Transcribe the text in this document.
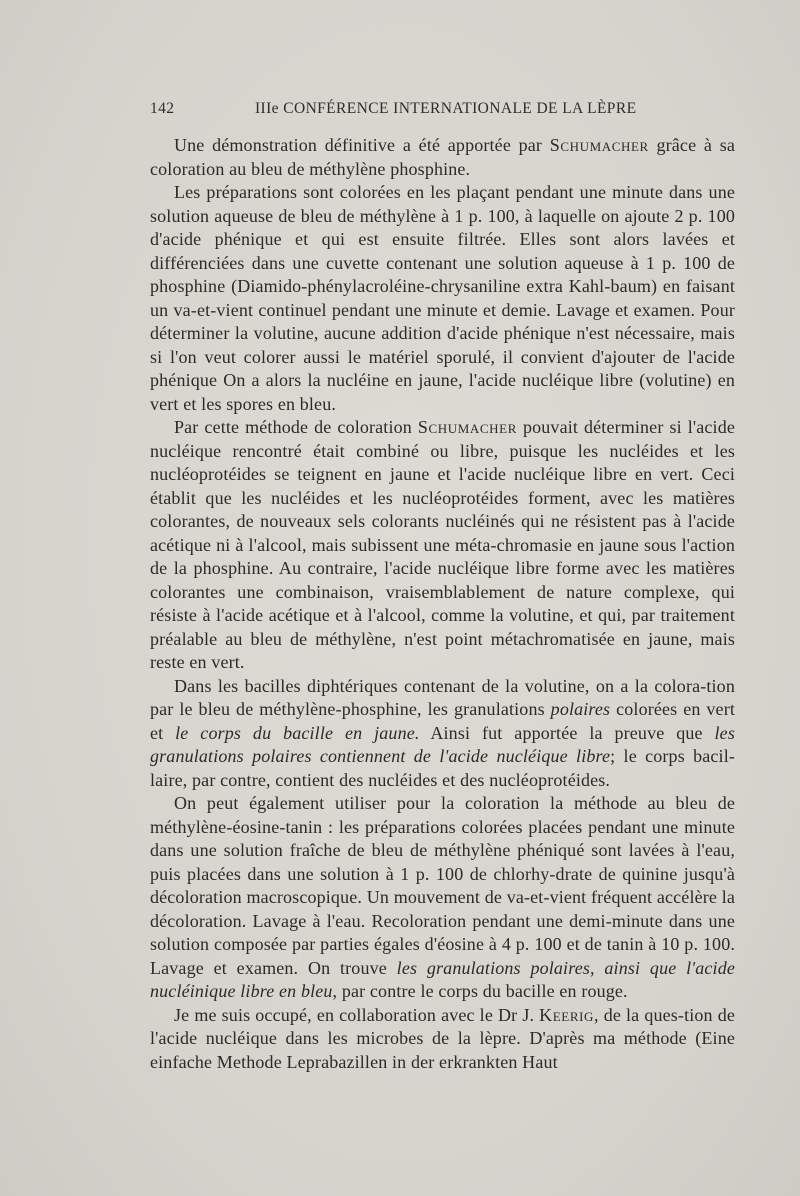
142	IIIe CONFÉRENCE INTERNATIONALE DE LA LÈPRE

Une démonstration définitive a été apportée par Schumacher grâce à sa coloration au bleu de méthylène phosphine.

Les préparations sont colorées en les plaçant pendant une minute dans une solution aqueuse de bleu de méthylène à 1 p. 100, à laquelle on ajoute 2 p. 100 d'acide phénique et qui est ensuite filtrée. Elles sont alors lavées et différenciées dans une cuvette contenant une solution aqueuse à 1 p. 100 de phosphine (Diamido-phénylacroléine-chrysaniline extra Kahl-baum) en faisant un va-et-vient continuel pendant une minute et demie. Lavage et examen. Pour déterminer la volutine, aucune addition d'acide phénique n'est nécessaire, mais si l'on veut colorer aussi le matériel sporulé, il convient d'ajouter de l'acide phénique On a alors la nucléine en jaune, l'acide nucléique libre (volutine) en vert et les spores en bleu.

Par cette méthode de coloration Schumacher pouvait déterminer si l'acide nucléique rencontré était combiné ou libre, puisque les nucléides et les nucléoprotéides se teignent en jaune et l'acide nucléique libre en vert. Ceci établit que les nucléides et les nucléoprotéides forment, avec les matières colorantes, de nouveaux sels colorants nucléinés qui ne résistent pas à l'acide acétique ni à l'alcool, mais subissent une méta-chromasie en jaune sous l'action de la phosphine. Au contraire, l'acide nucléique libre forme avec les matières colorantes une combinaison, vraisemblablement de nature complexe, qui résiste à l'acide acétique et à l'alcool, comme la volutine, et qui, par traitement préalable au bleu de méthylène, n'est point métachromatisée en jaune, mais reste en vert.

Dans les bacilles diphtériques contenant de la volutine, on a la colora-tion par le bleu de méthylène-phosphine, les granulations polaires colorées en vert et le corps du bacille en jaune. Ainsi fut apportée la preuve que les granulations polaires contiennent de l'acide nucléique libre; le corps bacil-laire, par contre, contient des nucléides et des nucléoprotéides.

On peut également utiliser pour la coloration la méthode au bleu de méthylène-éosine-tanin : les préparations colorées placées pendant une minute dans une solution fraîche de bleu de méthylène phéniqué sont lavées à l'eau, puis placées dans une solution à 1 p. 100 de chlorhy-drate de quinine jusqu'à décoloration macroscopique. Un mouvement de va-et-vient fréquent accélère la décoloration. Lavage à l'eau. Recoloration pendant une demi-minute dans une solution composée par parties égales d'éosine à 4 p. 100 et de tanin à 10 p. 100. Lavage et examen. On trouve les granulations polaires, ainsi que l'acide nucléinique libre en bleu, par contre le corps du bacille en rouge.

Je me suis occupé, en collaboration avec le Dr J. Keerig, de la ques-tion de l'acide nucléique dans les microbes de la lèpre. D'après ma méthode (Eine einfache Methode Leprabazillen in der erkrankten Haut
